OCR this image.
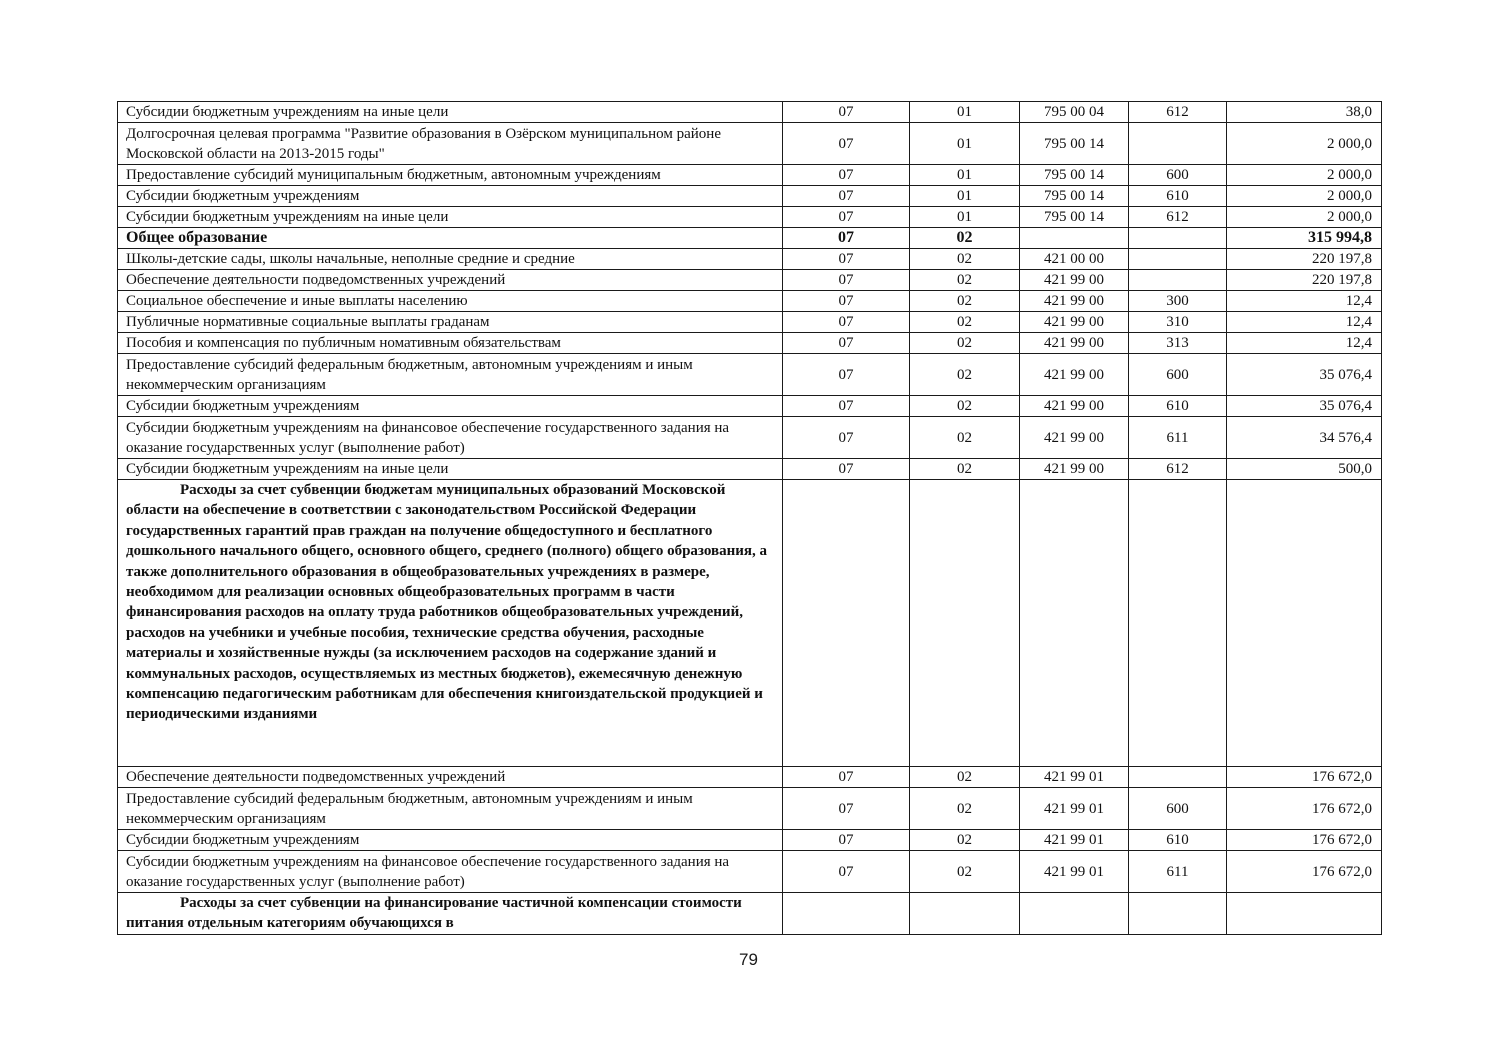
Субсидии бюджетным учреждениям на иные цели	07	01	795 00 04	612	38,0
Долгосрочная целевая программа "Развитие образования в Озёрском муниципальном районе Московской области на 2013-2015 годы"	07	01	795 00 14		2 000,0
Предоставление субсидий муниципальным бюджетным, автономным учреждениям	07	01	795 00 14	600	2 000,0
Субсидии бюджетным учреждениям	07	01	795 00 14	610	2 000,0
Субсидии бюджетным учреждениям на иные цели	07	01	795 00 14	612	2 000,0
Общее образование	07	02			315 994,8
Школы-детские сады, школы начальные, неполные средние и средние	07	02	421 00 00		220 197,8
Обеспечение деятельности подведомственных учреждений	07	02	421 99 00		220 197,8
Социальное обеспечение и иные выплаты населению	07	02	421 99 00	300	12,4
Публичные нормативные социальные выплаты граданам	07	02	421 99 00	310	12,4
Пособия и компенсация по публичным номативным обязательствам	07	02	421 99 00	313	12,4
Предоставление субсидий федеральным бюджетным, автономным учреждениям и иным некоммерческим организациям	07	02	421 99 00	600	35 076,4
Субсидии бюджетным учреждениям	07	02	421 99 00	610	35 076,4
Субсидии бюджетным учреждениям на финансовое обеспечение государственного задания на оказание государственных услуг (выполнение работ)	07	02	421 99 00	611	34 576,4
Субсидии бюджетным учреждениям на иные цели	07	02	421 99 00	612	500,0
Расходы за счет субвенции бюджетам муниципальных образований Московской области на обеспечение в соответствии с законодательством Российской Федерации государственных гарантий прав граждан на получение общедоступного и бесплатного дошкольного начального общего, основного общего, среднего (полного) общего образования, а также дополнительного образования в общеобразовательных учреждениях в размере, необходимом для реализации основных общеобразовательных программ в части финансирования расходов на оплату труда работников общеобразовательных учреждений, расходов на учебники и учебные пособия, технические средства обучения, расходные материалы и хозяйственные нужды (за исключением расходов на содержание зданий и коммунальных расходов, осуществляемых из местных бюджетов), ежемесячную денежную компенсацию педагогическим работникам для обеспечения книгоиздательской продукцией и периодическими изданиями					
Обеспечение деятельности подведомственных учреждений	07	02	421 99 01		176 672,0
Предоставление субсидий федеральным бюджетным, автономным учреждениям и иным некоммерческим организациям	07	02	421 99 01	600	176 672,0
Субсидии бюджетным учреждениям	07	02	421 99 01	610	176 672,0
Субсидии бюджетным учреждениям на финансовое обеспечение государственного задания на оказание государственных услуг (выполнение работ)	07	02	421 99 01	611	176 672,0
Расходы за счет субвенции на финансирование частичной компенсации стоимости питания отдельным категориям обучающихся в					
79
